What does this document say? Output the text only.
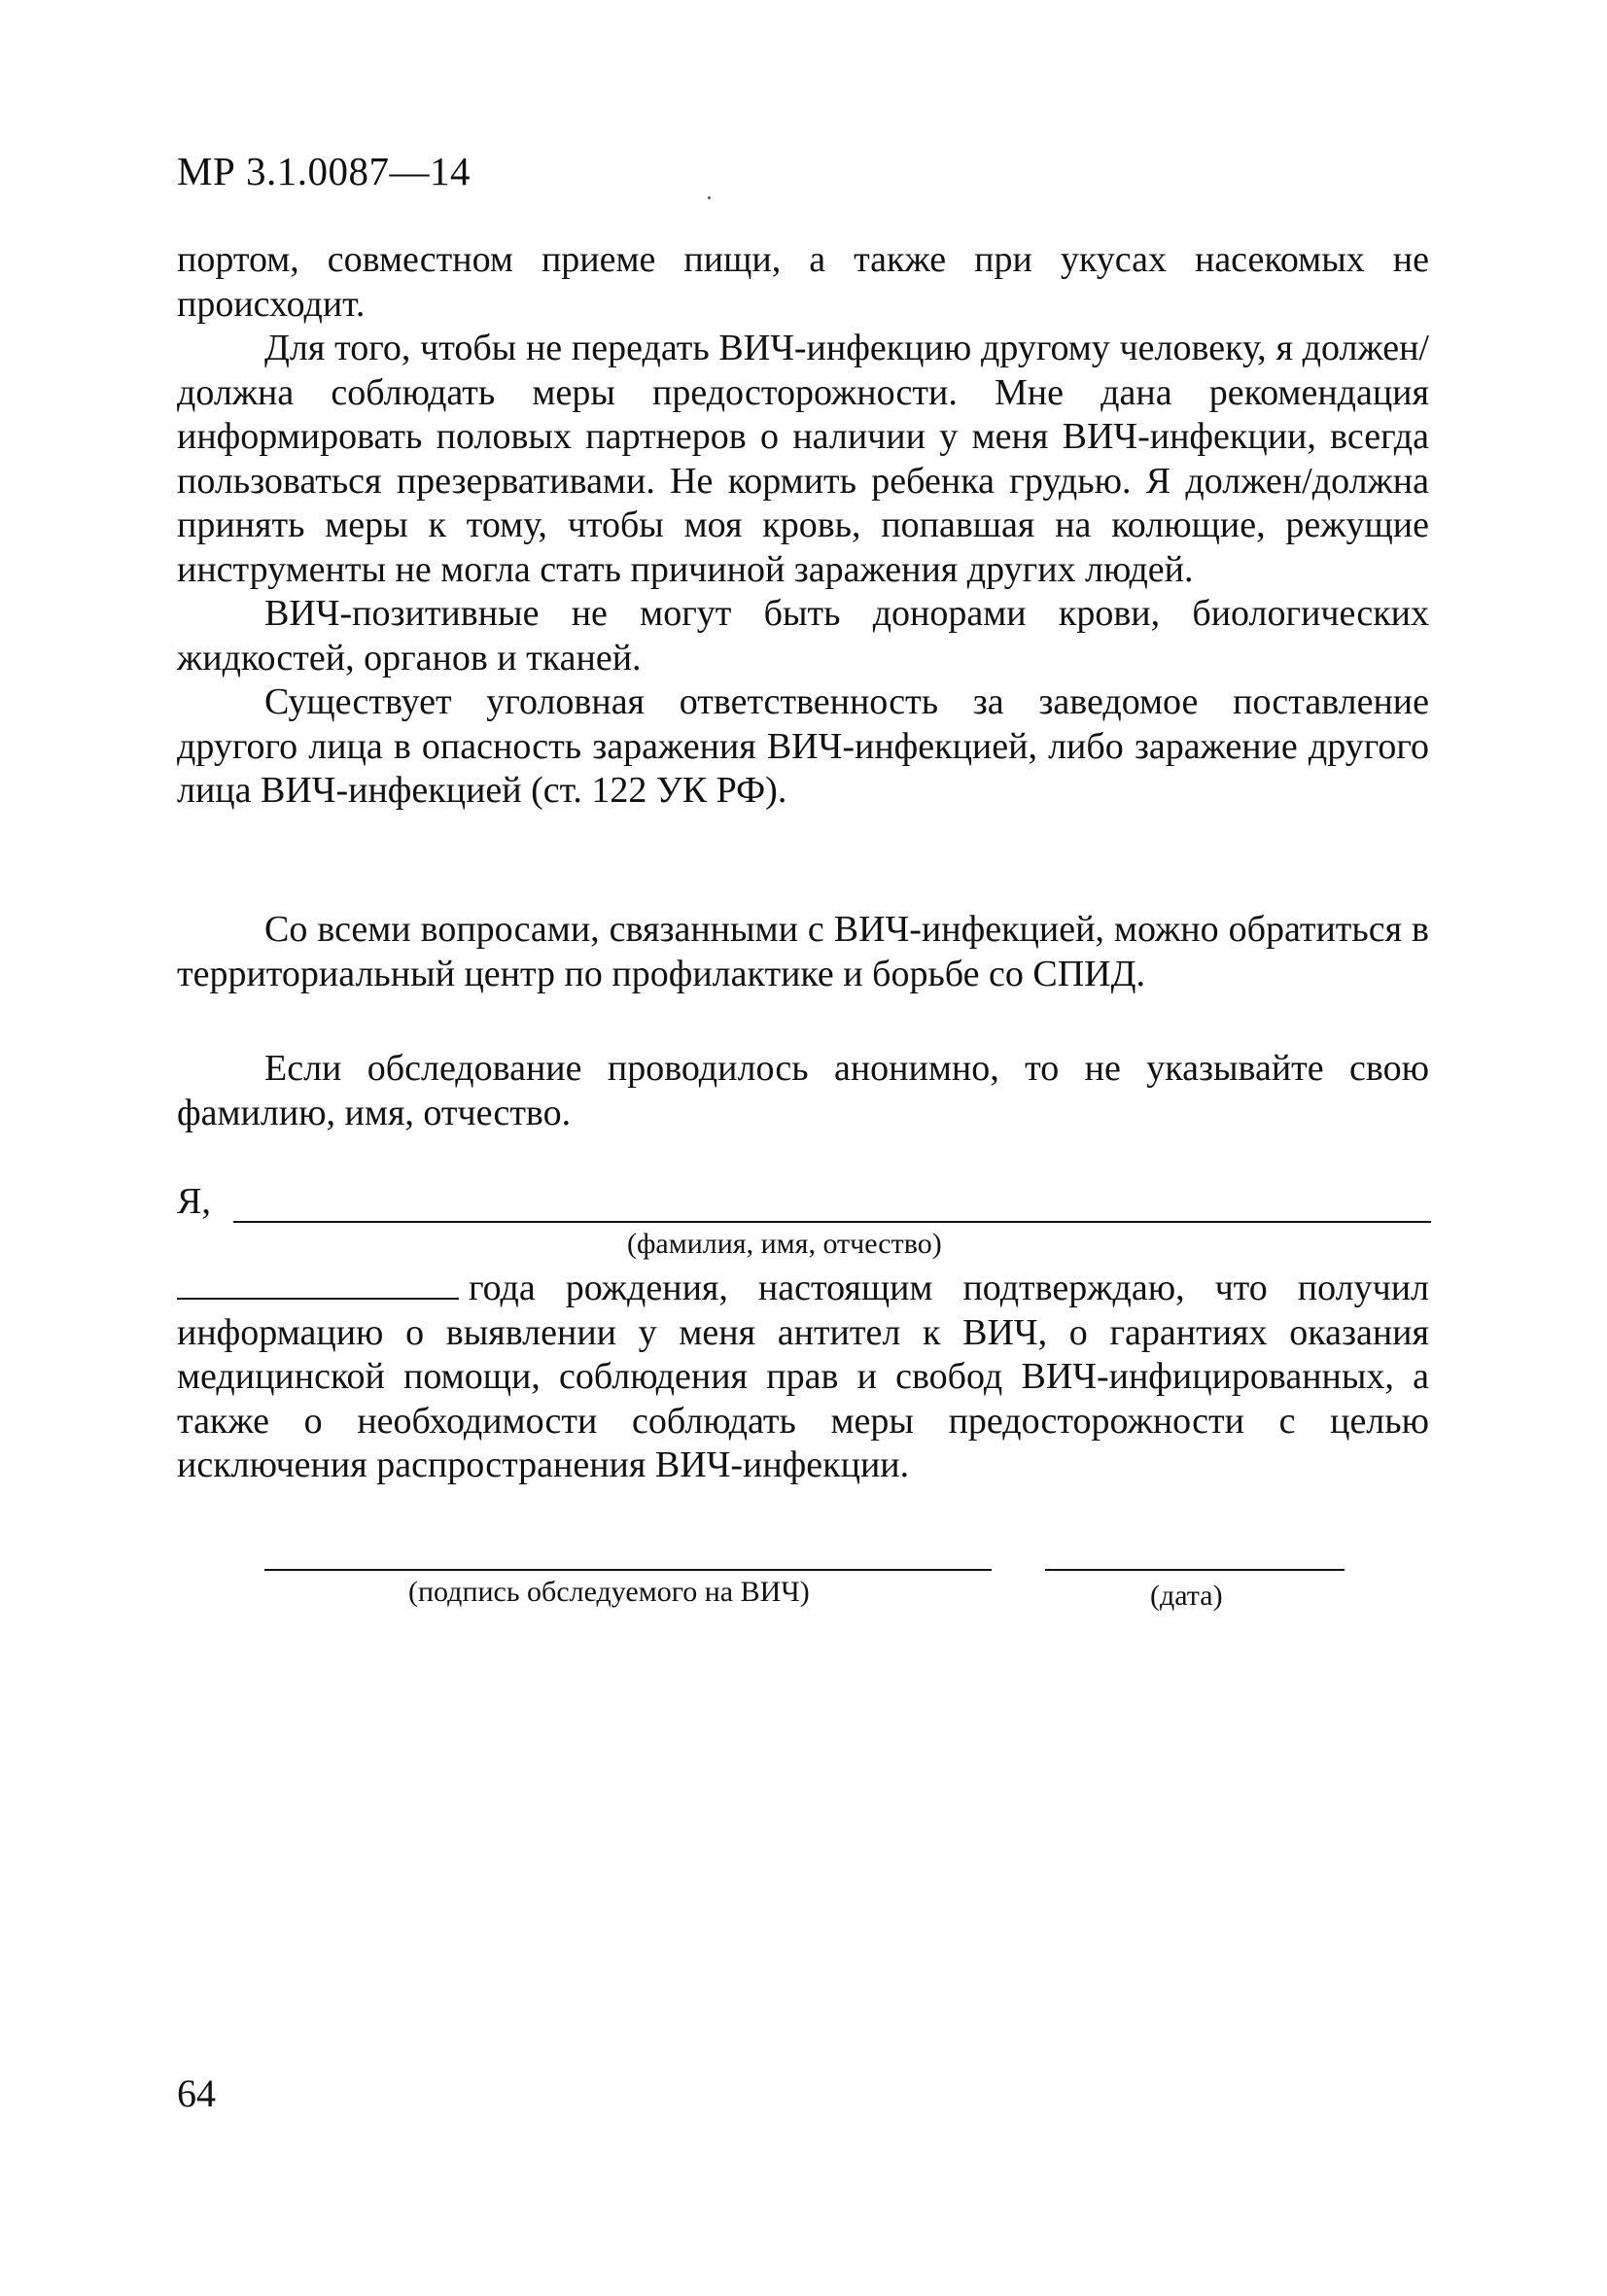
МР 3.1.0087—14

портом, совместном приеме пищи, а также при укусах насекомых не происходит.

Для того, чтобы не передать ВИЧ-инфекцию другому человеку, я должен/должна соблюдать меры предосторожности. Мне дана рекомендация информировать половых партнеров о наличии у меня ВИЧ-инфекции, всегда пользоваться презервативами. Не кормить ребенка грудью. Я должен/должна принять меры к тому, чтобы моя кровь, попавшая на колющие, режущие инструменты не могла стать причиной заражения других людей.

ВИЧ-позитивные не могут быть донорами крови, биологических жидкостей, органов и тканей.

Существует уголовная ответственность за заведомое поставление другого лица в опасность заражения ВИЧ-инфекцией, либо заражение другого лица ВИЧ-инфекцией (ст. 122 УК РФ).

Со всеми вопросами, связанными с ВИЧ-инфекцией, можно обратиться в территориальный центр по профилактике и борьбе со СПИД.

Если обследование проводилось анонимно, то не указывайте свою фамилию, имя, отчество.

Я,
(фамилия, имя, отчество)
года рождения, настоящим подтверждаю, что получил информацию о выявлении у меня антител к ВИЧ, о гарантиях оказания медицинской помощи, соблюдения прав и свобод ВИЧ-инфицированных, а также о необходимости соблюдать меры предосторожности с целью исключения распространения ВИЧ-инфекции.
(подпись обследуемого на ВИЧ)	(дата)
64
